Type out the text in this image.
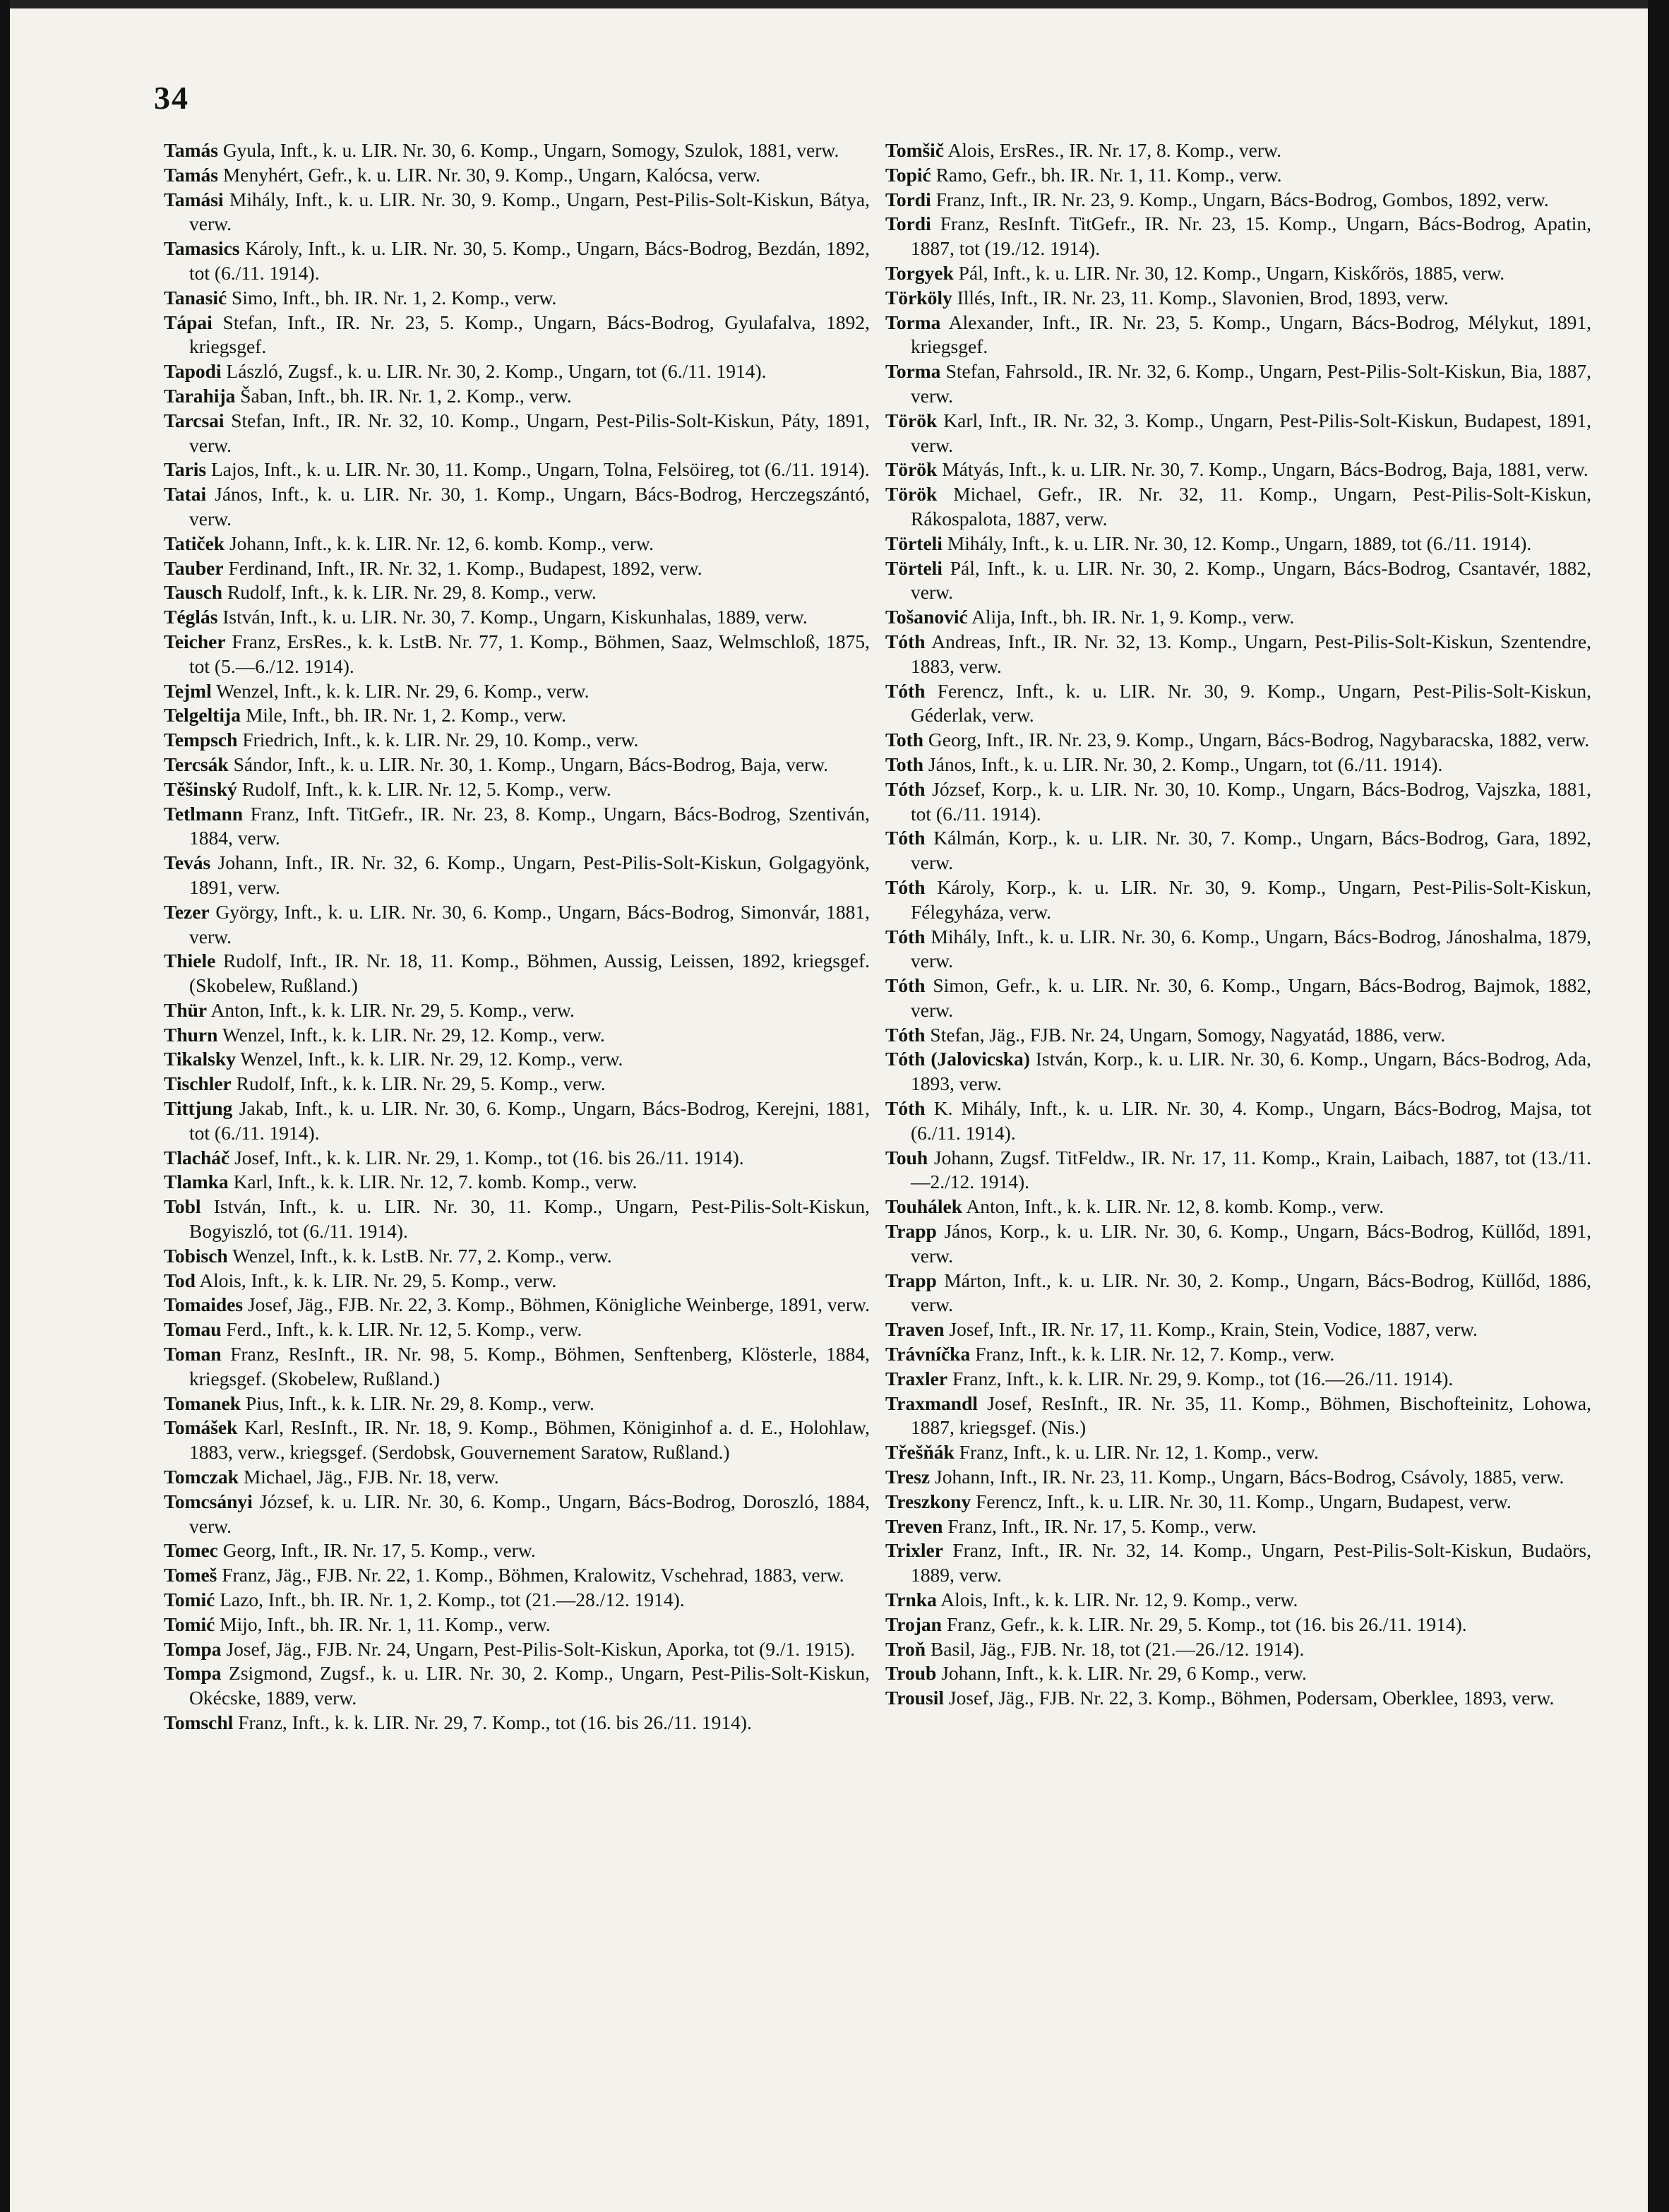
34

Tamás Gyula, Inft., k. u. LIR. Nr. 30, 6. Komp., Ungarn, Somogy, Szulok, 1881, verw.

Tamás Menyhért, Gefr., k. u. LIR. Nr. 30, 9. Komp., Ungarn, Kalócsa, verw.

Tamási Mihály, Inft., k. u. LIR. Nr. 30, 9. Komp., Ungarn, Pest-Pilis-Solt-Kiskun, Bátya, verw.

Tamasics Károly, Inft., k. u. LIR. Nr. 30, 5. Komp., Ungarn, Bács-Bodrog, Bezdán, 1892, tot (6./11. 1914).

Tanasić Simo, Inft., bh. IR. Nr. 1, 2. Komp., verw.

Tápai Stefan, Inft., IR. Nr. 23, 5. Komp., Ungarn, Bács-Bodrog, Gyulafalva, 1892, kriegsgef.

Tapodi László, Zugsf., k. u. LIR. Nr. 30, 2. Komp., Ungarn, tot (6./11. 1914).

Tarahija Šaban, Inft., bh. IR. Nr. 1, 2. Komp., verw.

Tarcsai Stefan, Inft., IR. Nr. 32, 10. Komp., Ungarn, Pest-Pilis-Solt-Kiskun, Páty, 1891, verw.

Taris Lajos, Inft., k. u. LIR. Nr. 30, 11. Komp., Ungarn, Tolna, Felsöireg, tot (6./11. 1914).

Tatai János, Inft., k. u. LIR. Nr. 30, 1. Komp., Ungarn, Bács-Bodrog, Herczegszántó, verw.

Tatiček Johann, Inft., k. k. LIR. Nr. 12, 6. komb. Komp., verw.

Tauber Ferdinand, Inft., IR. Nr. 32, 1. Komp., Budapest, 1892, verw.

Tausch Rudolf, Inft., k. k. LIR. Nr. 29, 8. Komp., verw.

Téglás István, Inft., k. u. LIR. Nr. 30, 7. Komp., Ungarn, Kiskunhalas, 1889, verw.

Teicher Franz, ErsRes., k. k. LstB. Nr. 77, 1. Komp., Böhmen, Saaz, Welmschloß, 1875, tot (5.—6./12. 1914).

Tejml Wenzel, Inft., k. k. LIR. Nr. 29, 6. Komp., verw.

Telgeltija Mile, Inft., bh. IR. Nr. 1, 2. Komp., verw.

Tempsch Friedrich, Inft., k. k. LIR. Nr. 29, 10. Komp., verw.

Tercsák Sándor, Inft., k. u. LIR. Nr. 30, 1. Komp., Ungarn, Bács-Bodrog, Baja, verw.

Těšinský Rudolf, Inft., k. k. LIR. Nr. 12, 5. Komp., verw.

Tetlmann Franz, Inft. TitGefr., IR. Nr. 23, 8. Komp., Ungarn, Bács-Bodrog, Szentiván, 1884, verw.

Tevás Johann, Inft., IR. Nr. 32, 6. Komp., Ungarn, Pest-Pilis-Solt-Kiskun, Golgagyönk, 1891, verw.

Tezer György, Inft., k. u. LIR. Nr. 30, 6. Komp., Ungarn, Bács-Bodrog, Simonvár, 1881, verw.

Thiele Rudolf, Inft., IR. Nr. 18, 11. Komp., Böhmen, Aussig, Leissen, 1892, kriegsgef. (Skobelew, Rußland.)

Thür Anton, Inft., k. k. LIR. Nr. 29, 5. Komp., verw.

Thurn Wenzel, Inft., k. k. LIR. Nr. 29, 12. Komp., verw.

Tikalsky Wenzel, Inft., k. k. LIR. Nr. 29, 12. Komp., verw.

Tischler Rudolf, Inft., k. k. LIR. Nr. 29, 5. Komp., verw.

Tittjung Jakab, Inft., k. u. LIR. Nr. 30, 6. Komp., Ungarn, Bács-Bodrog, Kerejni, 1881, tot (6./11. 1914).

Tlacháč Josef, Inft., k. k. LIR. Nr. 29, 1. Komp., tot (16. bis 26./11. 1914).

Tlamka Karl, Inft., k. k. LIR. Nr. 12, 7. komb. Komp., verw.

Tobl István, Inft., k. u. LIR. Nr. 30, 11. Komp., Ungarn, Pest-Pilis-Solt-Kiskun, Bogyiszló, tot (6./11. 1914).

Tobisch Wenzel, Inft., k. k. LstB. Nr. 77, 2. Komp., verw.

Tod Alois, Inft., k. k. LIR. Nr. 29, 5. Komp., verw.

Tomaides Josef, Jäg., FJB. Nr. 22, 3. Komp., Böhmen, Königliche Weinberge, 1891, verw.

Tomau Ferd., Inft., k. k. LIR. Nr. 12, 5. Komp., verw.

Toman Franz, ResInft., IR. Nr. 98, 5. Komp., Böhmen, Senftenberg, Klösterle, 1884, kriegsgef. (Skobelew, Rußland.)

Tomanek Pius, Inft., k. k. LIR. Nr. 29, 8. Komp., verw.

Tomášek Karl, ResInft., IR. Nr. 18, 9. Komp., Böhmen, Königinhof a. d. E., Holohlaw, 1883, verw., kriegsgef. (Serdobsk, Gouvernement Saratow, Rußland.)

Tomczak Michael, Jäg., FJB. Nr. 18, verw.

Tomcsányi József, k. u. LIR. Nr. 30, 6. Komp., Ungarn, Bács-Bodrog, Doroszló, 1884, verw.

Tomec Georg, Inft., IR. Nr. 17, 5. Komp., verw.

Tomeš Franz, Jäg., FJB. Nr. 22, 1. Komp., Böhmen, Kralowitz, Vschehrad, 1883, verw.

Tomić Lazo, Inft., bh. IR. Nr. 1, 2. Komp., tot (21.—28./12. 1914).

Tomić Mijo, Inft., bh. IR. Nr. 1, 11. Komp., verw.

Tompa Josef, Jäg., FJB. Nr. 24, Ungarn, Pest-Pilis-Solt-Kiskun, Aporka, tot (9./1. 1915).

Tompa Zsigmond, Zugsf., k. u. LIR. Nr. 30, 2. Komp., Ungarn, Pest-Pilis-Solt-Kiskun, Okécske, 1889, verw.

Tomschl Franz, Inft., k. k. LIR. Nr. 29, 7. Komp., tot (16. bis 26./11. 1914).

Tomšič Alois, ErsRes., IR. Nr. 17, 8. Komp., verw.

Topić Ramo, Gefr., bh. IR. Nr. 1, 11. Komp., verw.

Tordi Franz, Inft., IR. Nr. 23, 9. Komp., Ungarn, Bács-Bodrog, Gombos, 1892, verw.

Tordi Franz, ResInft. TitGefr., IR. Nr. 23, 15. Komp., Ungarn, Bács-Bodrog, Apatin, 1887, tot (19./12. 1914).

Torgyek Pál, Inft., k. u. LIR. Nr. 30, 12. Komp., Ungarn, Kiskőrös, 1885, verw.

Törköly Illés, Inft., IR. Nr. 23, 11. Komp., Slavonien, Brod, 1893, verw.

Torma Alexander, Inft., IR. Nr. 23, 5. Komp., Ungarn, Bács-Bodrog, Mélykut, 1891, kriegsgef.

Torma Stefan, Fahrsold., IR. Nr. 32, 6. Komp., Ungarn, Pest-Pilis-Solt-Kiskun, Bia, 1887, verw.

Török Karl, Inft., IR. Nr. 32, 3. Komp., Ungarn, Pest-Pilis-Solt-Kiskun, Budapest, 1891, verw.

Török Mátyás, Inft., k. u. LIR. Nr. 30, 7. Komp., Ungarn, Bács-Bodrog, Baja, 1881, verw.

Török Michael, Gefr., IR. Nr. 32, 11. Komp., Ungarn, Pest-Pilis-Solt-Kiskun, Rákospalota, 1887, verw.

Törteli Mihály, Inft., k. u. LIR. Nr. 30, 12. Komp., Ungarn, 1889, tot (6./11. 1914).

Törteli Pál, Inft., k. u. LIR. Nr. 30, 2. Komp., Ungarn, Bács-Bodrog, Csantavér, 1882, verw.

Tošanović Alija, Inft., bh. IR. Nr. 1, 9. Komp., verw.

Tóth Andreas, Inft., IR. Nr. 32, 13. Komp., Ungarn, Pest-Pilis-Solt-Kiskun, Szentendre, 1883, verw.

Tóth Ferencz, Inft., k. u. LIR. Nr. 30, 9. Komp., Ungarn, Pest-Pilis-Solt-Kiskun, Géderlak, verw.

Toth Georg, Inft., IR. Nr. 23, 9. Komp., Ungarn, Bács-Bodrog, Nagybaracska, 1882, verw.

Toth János, Inft., k. u. LIR. Nr. 30, 2. Komp., Ungarn, tot (6./11. 1914).

Tóth József, Korp., k. u. LIR. Nr. 30, 10. Komp., Ungarn, Bács-Bodrog, Vajszka, 1881, tot (6./11. 1914).

Tóth Kálmán, Korp., k. u. LIR. Nr. 30, 7. Komp., Ungarn, Bács-Bodrog, Gara, 1892, verw.

Tóth Károly, Korp., k. u. LIR. Nr. 30, 9. Komp., Ungarn, Pest-Pilis-Solt-Kiskun, Félegyháza, verw.

Tóth Mihály, Inft., k. u. LIR. Nr. 30, 6. Komp., Ungarn, Bács-Bodrog, Jánoshalma, 1879, verw.

Tóth Simon, Gefr., k. u. LIR. Nr. 30, 6. Komp., Ungarn, Bács-Bodrog, Bajmok, 1882, verw.

Tóth Stefan, Jäg., FJB. Nr. 24, Ungarn, Somogy, Nagyatád, 1886, verw.

Tóth (Jalovicska) István, Korp., k. u. LIR. Nr. 30, 6. Komp., Ungarn, Bács-Bodrog, Ada, 1893, verw.

Tóth K. Mihály, Inft., k. u. LIR. Nr. 30, 4. Komp., Ungarn, Bács-Bodrog, Majsa, tot (6./11. 1914).

Touh Johann, Zugsf. TitFeldw., IR. Nr. 17, 11. Komp., Krain, Laibach, 1887, tot (13./11.—2./12. 1914).

Touhálek Anton, Inft., k. k. LIR. Nr. 12, 8. komb. Komp., verw.

Trapp János, Korp., k. u. LIR. Nr. 30, 6. Komp., Ungarn, Bács-Bodrog, Küllőd, 1891, verw.

Trapp Márton, Inft., k. u. LIR. Nr. 30, 2. Komp., Ungarn, Bács-Bodrog, Küllőd, 1886, verw.

Traven Josef, Inft., IR. Nr. 17, 11. Komp., Krain, Stein, Vodice, 1887, verw.

Trávníčka Franz, Inft., k. k. LIR. Nr. 12, 7. Komp., verw.

Traxler Franz, Inft., k. k. LIR. Nr. 29, 9. Komp., tot (16.—26./11. 1914).

Traxmandl Josef, ResInft., IR. Nr. 35, 11. Komp., Böhmen, Bischofteinitz, Lohowa, 1887, kriegsgef. (Nis.)

Třešňák Franz, Inft., k. u. LIR. Nr. 12, 1. Komp., verw.

Tresz Johann, Inft., IR. Nr. 23, 11. Komp., Ungarn, Bács-Bodrog, Csávoly, 1885, verw.

Treszkony Ferencz, Inft., k. u. LIR. Nr. 30, 11. Komp., Ungarn, Budapest, verw.

Treven Franz, Inft., IR. Nr. 17, 5. Komp., verw.

Trixler Franz, Inft., IR. Nr. 32, 14. Komp., Ungarn, Pest-Pilis-Solt-Kiskun, Budaörs, 1889, verw.

Trnka Alois, Inft., k. k. LIR. Nr. 12, 9. Komp., verw.

Trojan Franz, Gefr., k. k. LIR. Nr. 29, 5. Komp., tot (16. bis 26./11. 1914).

Troň Basil, Jäg., FJB. Nr. 18, tot (21.—26./12. 1914).

Troub Johann, Inft., k. k. LIR. Nr. 29, 6 Komp., verw.

Trousil Josef, Jäg., FJB. Nr. 22, 3. Komp., Böhmen, Podersam, Oberklee, 1893, verw.
